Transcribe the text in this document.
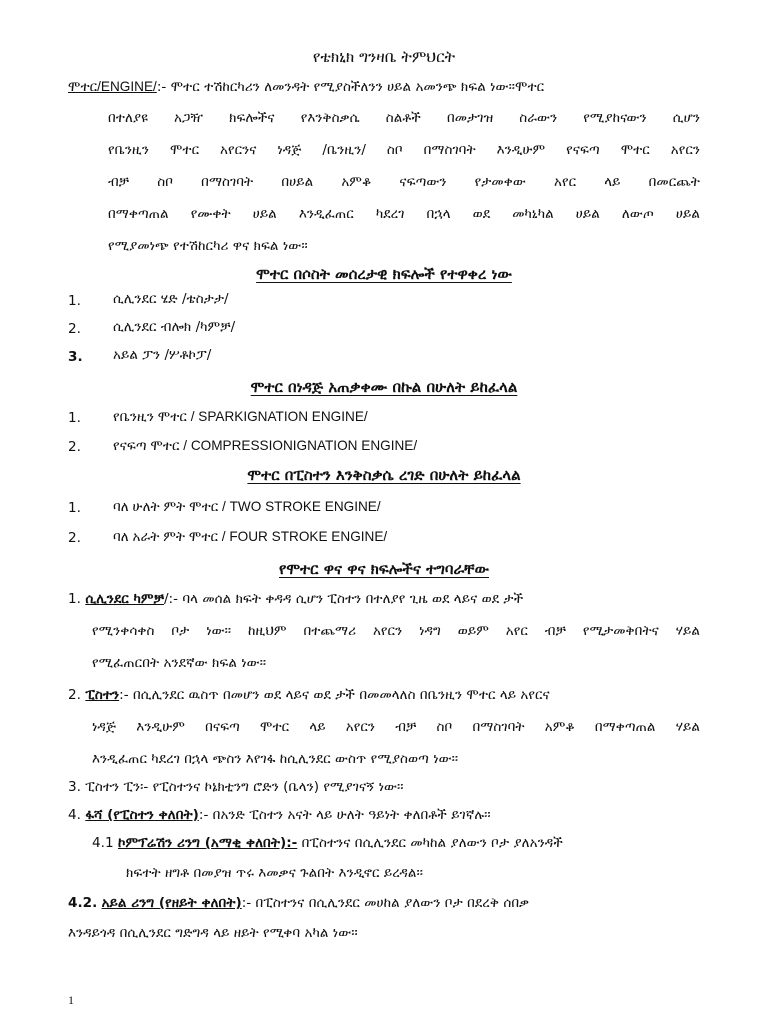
የቴክኒክ ግንዛቤ ትምህርት
ሞተር/ENGINE/:- ሞተር ተሽከርካሪን ለመንዳት የሚያስችለንን ሀይል አመንጭ ክፍል ነው፡፡ሞተር
በተለያዩ አጋዥ ክፍሎችና የእንቅስቃሴ ስልቶች በመታገዝ ስራውን የሚያከናውን ሲሆን
የቤንዚን ሞተር አየርንና ነዳጅ /ቤንዚን/ ስቦ በማስገባት እንዲሁም የናፍጣ ሞተር አየርን
ብቻ ስቦ በማስገባት በሀይል አምቆ ናፍጣውን የታመቀው አየር ላይ በመርጨት
በማቀጣጠል የሙቀት ሀይል እንዲፈጠር ካደረገ በኋላ ወደ መካኒካል ሀይል ለውጦ ሀይል
የሚያመነጭ የተሽከርካሪ ዋና ክፍል ነው፡፡
ሞተር በሶስት መሰረታዊ ክፍሎች የተዋቀረ ነው
1. ሲሊንደር ሄድ /ቴስታታ/
2. ሲሊንደር ብሎክ /ካምቻ/
3. አይል ፓን /ሦቶኮፓ/
ሞተር በነዳጅ አጠቃቀሙ በኩል በሁለት ይከፈላል
1. የቤንዚን ሞተር / SPARKIGNATION ENGINE/
2. የናፍጣ ሞተር / COMPRESSIONIGNATION ENGINE/
ሞተር በፒስተን እንቅስቃሴ ረገድ በሁለት ይከፈላል
1. ባለ ሁለት ምት ሞተር / TWO STROKE ENGINE/
2. ባለ አራት ምት ሞተር / FOUR STROKE ENGINE/
የሞተር ዋና ዋና ክፍሎችና ተግባራቸው
1. ሲሊንደር ካምቻ/:- ባላ መሰል ክፍት ቀዳዳ ሲሆን ፒስተን በተለያየ ጊዜ ወደ ላይና ወደ ታች
የሚንቀሳቀስ ቦታ ነው፡፡ ከዚህም በተጨማሪ አየርን ነዳግ ወይም አየር ብቻ የሚታመቅበትና ሃይል
የሚፈጠርበት አንደኛው ክፍል ነው፡፡
2. ፒስተን:- በሲሊንደር ዉስጥ በመሆን ወደ ላይና ወደ ታች በመመላለስ በቤንዚን ሞተር ላይ አየርና
ነዳጅ እንዲሁም በናፍጣ ሞተር ላይ አየርን ብቻ ስቦ በማስገባት አምቆ በማቀጣጠል ሃይል
እንዲፈጠር ካደረገ በኋላ ጭስን እየገፋ ከሲሊንደር ውስጥ የሚያስወጣ ነው፡፡
3. ፒስተን ፒን፡- የፒስተንና ኮኔክቲንግ ሮድን (ቤላን) የሚያገናኝ ነው፡፡
4. ፋሻ (የፒስተን ቀለበት):- በአንድ ፒስተን አናት ላይ ሁለት ዓይነት ቀለበቶች ይገኛሉ፡፡
4.1 ኮምፕሬሽን ሪንግ (አማቂ ቀለበት):- በፒስተንና በሲሊንደር መካከል ያለውን ቦታ ያለአንዳች
ክፍተት ዘግቶ በመያዝ ጥሩ እመቃና ጉልበት እንዲኖር ይረዳል፡፡
4.2. አይል ሪንግ (የዘይት ቀለበት):- በፒስተንና በሲሊንደር መሀከል ያለውን ቦታ በደረቅ ሰበቃ
እንዳይጎዳ በሲሊንደር ግድግዳ ላይ ዘይት የሚቀባ አካል ነው፡፡
1
